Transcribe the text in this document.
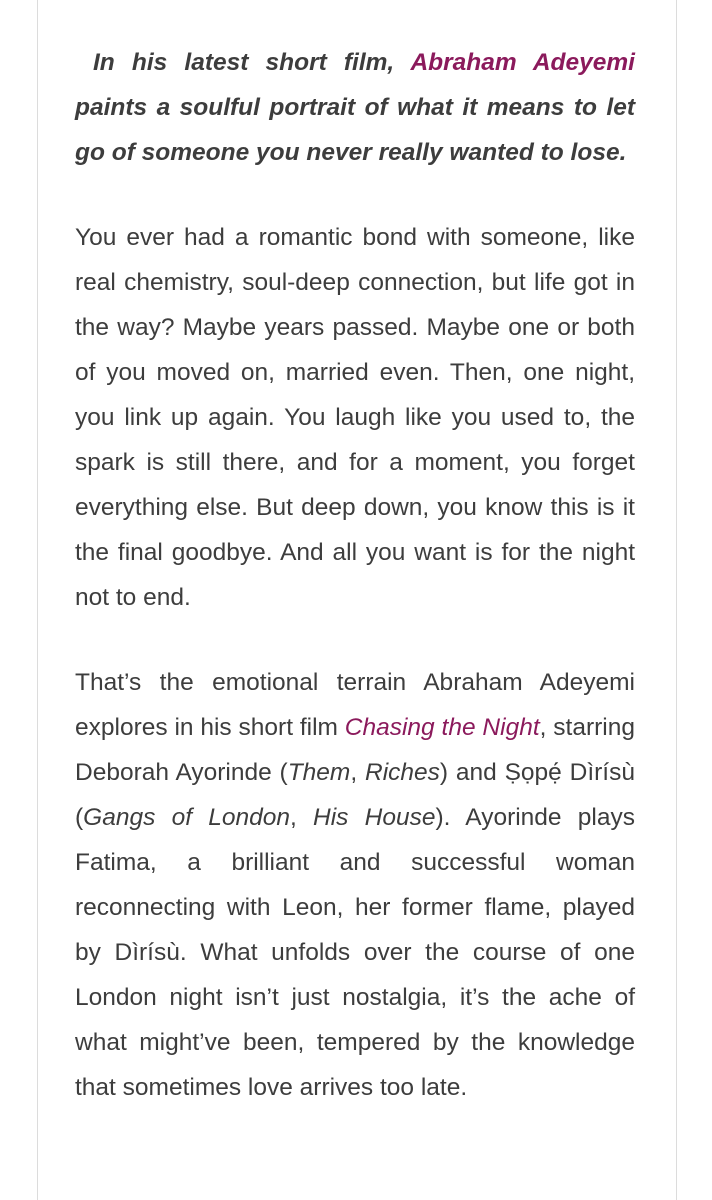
In his latest short film, Abraham Adeyemi paints a soulful portrait of what it means to let go of someone you never really wanted to lose.

You ever had a romantic bond with someone, like real chemistry, soul-deep connection, but life got in the way? Maybe years passed. Maybe one or both of you moved on, married even. Then, one night, you link up again. You laugh like you used to, the spark is still there, and for a moment, you forget everything else. But deep down, you know this is it the final goodbye. And all you want is for the night not to end.

That’s the emotional terrain Abraham Adeyemi explores in his short film Chasing the Night, starring Deborah Ayorinde (Them, Riches) and Ṣọpẹ́ Dìrísù (Gangs of London, His House). Ayorinde plays Fatima, a brilliant and successful woman reconnecting with Leon, her former flame, played by Dìrísù. What unfolds over the course of one London night isn’t just nostalgia, it’s the ache of what might’ve been, tempered by the knowledge that sometimes love arrives too late.
